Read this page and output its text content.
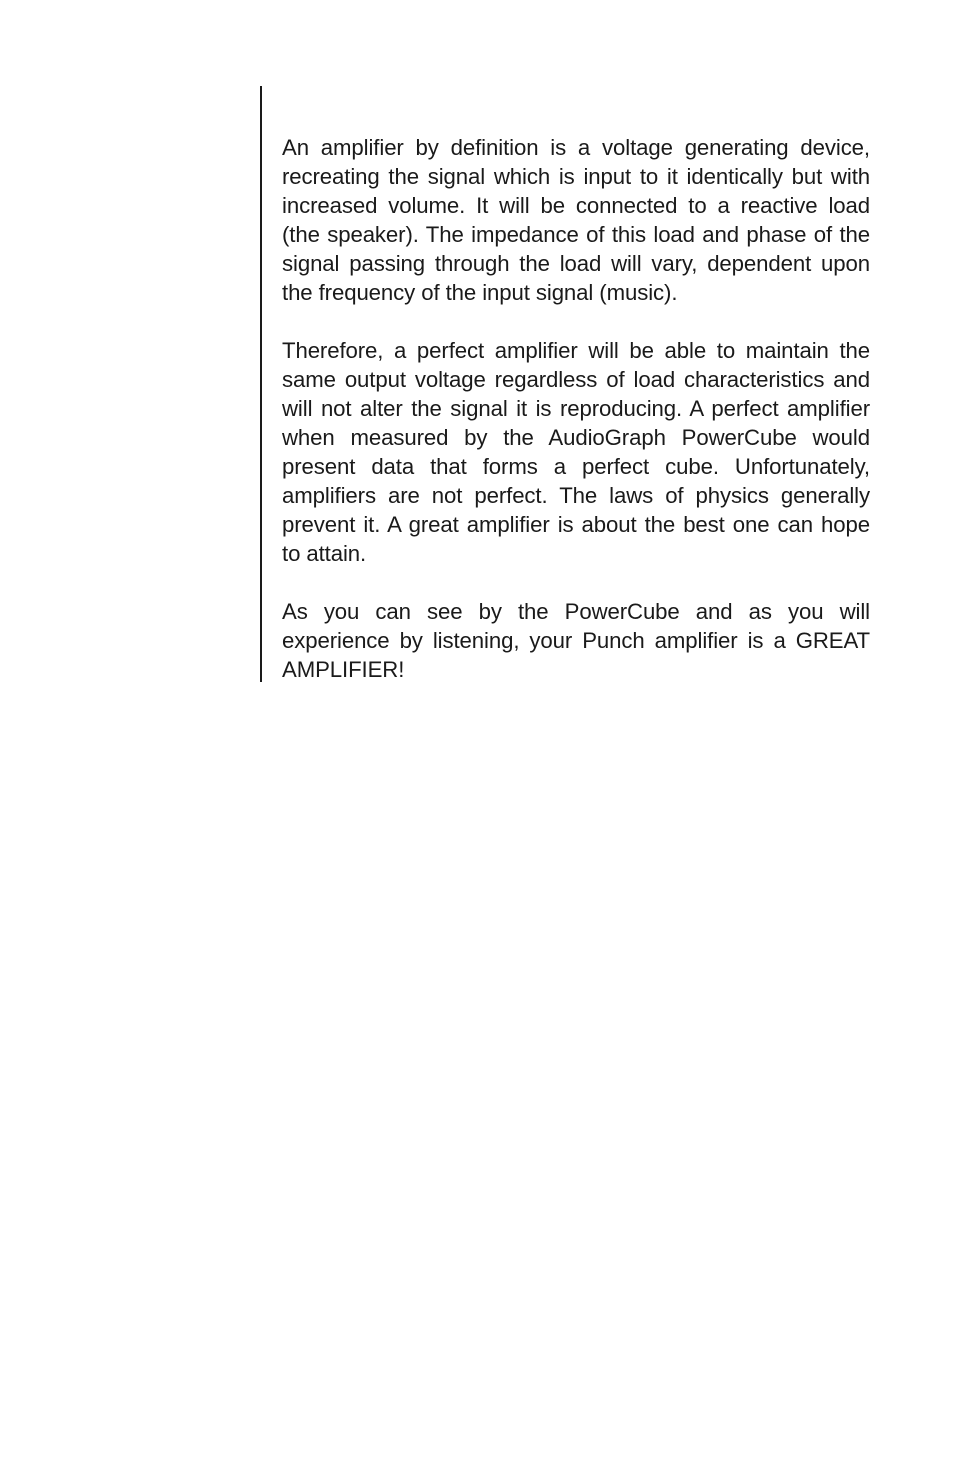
An amplifier by definition is a voltage generating device, recreating the signal which is input to it identically but with increased volume. It will be connected to a reactive load (the speaker). The impedance of this load and phase of the signal passing through the load will vary, dependent upon the frequency of the input signal (music).

Therefore, a perfect amplifier will be able to maintain the same output voltage regardless of load characteristics and will not alter the signal it is reproducing. A perfect amplifier when measured by the AudioGraph PowerCube would present data that forms a perfect cube. Unfortunately, amplifiers are not perfect. The laws of physics generally prevent it. A great amplifier is about the best one can hope to attain.

As you can see by the PowerCube and as you will experience by listening, your Punch amplifier is a GREAT AMPLIFIER!
